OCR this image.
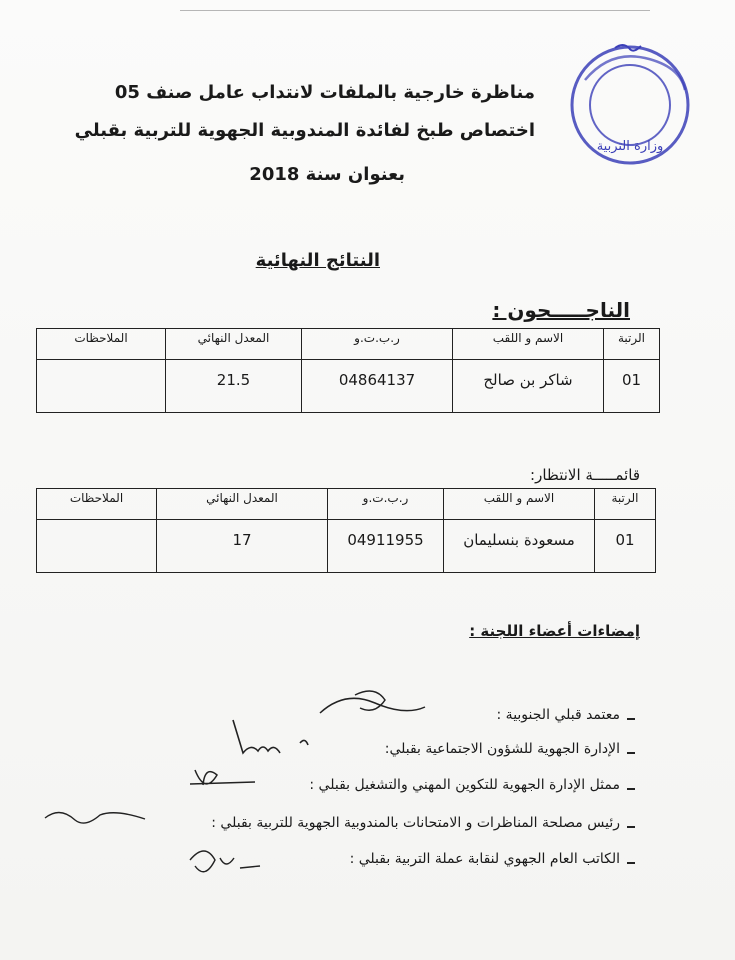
وزارة التربية
مناظرة خارجية بالملفات لانتداب عامل صنف 05
اختصاص طبخ لفائدة المندوبية الجهوية للتربية بقبلي
بعنوان سنة 2018
النتائج النهائية
الناجـــــحون :
الرتبة	الاسم و اللقب	ر.ب.ت.و	المعدل النهائي	الملاحظات
01	شاكر بن صالح	04864137	21.5	
قائمـــــة الانتظار:
الرتبة	الاسم و اللقب	ر.ب.ت.و	المعدل النهائي	الملاحظات
01	مسعودة بنسليمان	04911955	17	
إمضاءات أعضاء اللجنة :
معتمد قبلي الجنوبية :
الإدارة الجهوية للشؤون الاجتماعية بقبلي:
ممثل الإدارة الجهوية للتكوين المهني والتشغيل بقبلي :
رئيس مصلحة المناظرات و الامتحانات بالمندوبية الجهوية للتربية بقبلي :
الكاتب العام الجهوي لنقابة عملة التربية بقبلي :
